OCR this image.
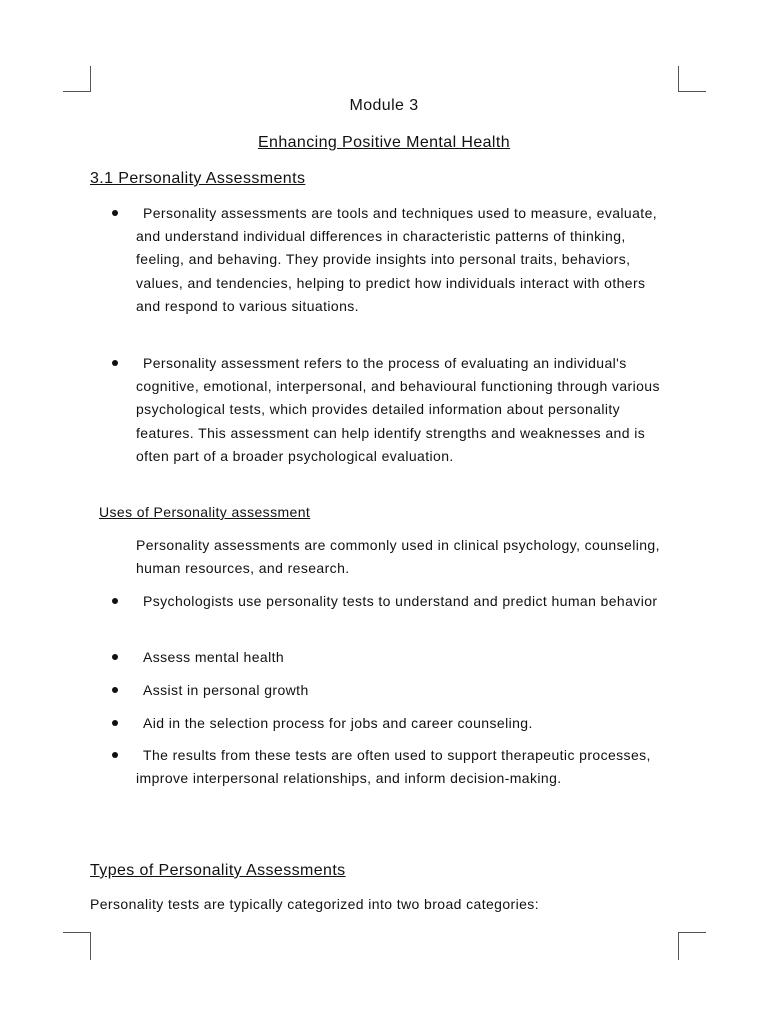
Module 3
Enhancing Positive Mental Health
3.1 Personality Assessments
Personality assessments are tools and techniques used to measure, evaluate, and understand individual differences in characteristic patterns of thinking, feeling, and behaving. They provide insights into personal traits, behaviors, values, and tendencies, helping to predict how individuals interact with others and respond to various situations.
Personality assessment refers to the process of evaluating an individual's cognitive, emotional, interpersonal, and behavioural functioning through various psychological tests, which provides detailed information about personality features. This assessment can help identify strengths and weaknesses and is often part of a broader psychological evaluation.
Uses of Personality assessment
Personality assessments are commonly used in clinical psychology, counseling, human resources, and research.
Psychologists use personality tests to understand and predict human behavior
Assess mental health
Assist in personal growth
Aid in the selection process for jobs and career counseling.
The results from these tests are often used to support therapeutic processes, improve interpersonal relationships, and inform decision-making.
Types of Personality Assessments
Personality tests are typically categorized into two broad categories:
